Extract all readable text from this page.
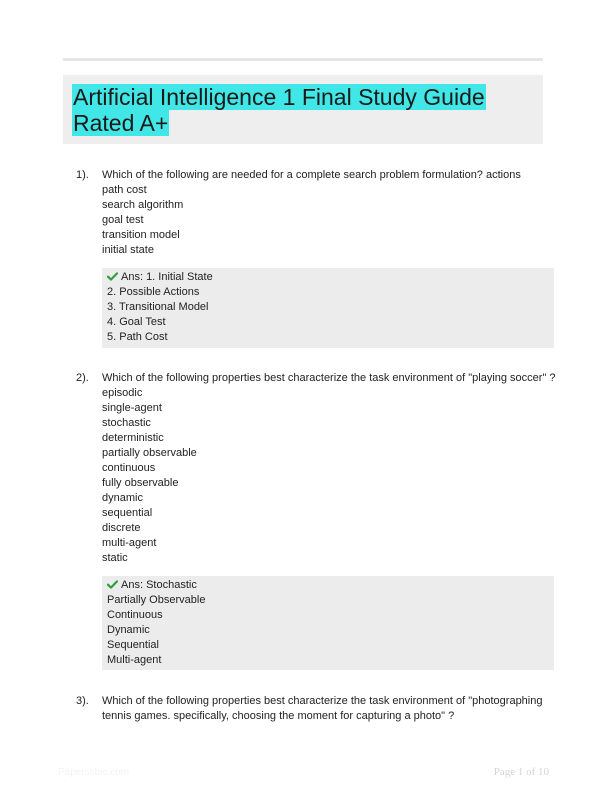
Artificial Intelligence 1 Final Study Guide Rated A+
1). Which of the following are needed for a complete search problem formulation? actions
path cost
search algorithm
goal test
transition model
initial state
Ans: 1. Initial State
2. Possible Actions
3. Transitional Model
4. Goal Test
5. Path Cost
2). Which of the following properties best characterize the task environment of "playing soccer" ?
episodic
single-agent
stochastic
deterministic
partially observable
continuous
fully observable
dynamic
sequential
discrete
multi-agent
static
Ans: Stochastic
Partially Observable
Continuous
Dynamic
Sequential
Multi-agent
3). Which of the following properties best characterize the task environment of "photographing
tennis games. specifically, choosing the moment for capturing a photo" ?
Paperssbic.com	Page 1 of 10
